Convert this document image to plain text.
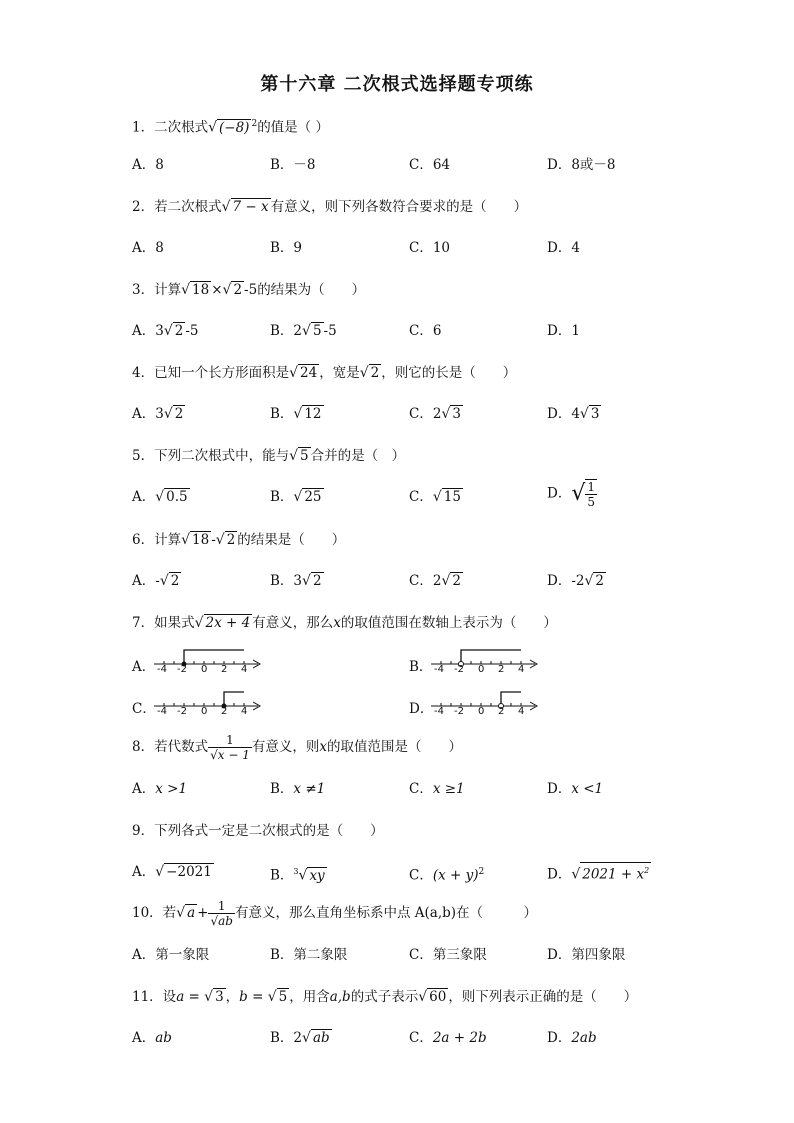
第十六章 二次根式选择题专项练
1．二次根式√ (−8) $^2$的值是（ ）
A．8	B．－8	C．64	D．8或－8
2．若二次根式√ 7 − x 有意义，则下列各数符合要求的是（　　）
A．8	B．9	C．10	D．4
3．计算√ 18 ×√ 2 -5的结果为（　　）
A．3√ 2 -5	B．2√ 5 -5	C．6	D．1
4．已知一个长方形面积是√ 24 ，宽是√ 2 ，则它的长是（　　）
A．3√ 2	B．√ 12	C．2√ 3	D．4√ 3
5．下列二次根式中，能与√ 5 合并的是（　）
A．√ 0.5	B．√ 25	C．√ 15	D．√ $\frac{1}{5}$
6．计算√ 18 -√ 2 的结果是（　　）
A．-√ 2	B．3√ 2	C．2√ 2	D．-2√ 2
7．如果式√ 2x + 4 有意义，那么x的取值范围在数轴上表示为（　　）
A．	B．
C．	D．
-4 -2 0 2 4	-4 -2 0 2 4
-4 -2 0 2 4	-4 -2 0 2 4
8．若代数式 $\frac{1}{√x - 1}$ 有意义，则x的取值范围是（　　）
A．x >1	B．x ≠1	C．x ≥1	D．x <1
9．下列各式一定是二次根式的是（　　）
A．√ −2021	B．$^3$√ xy	C．$(x + y)^2$	D．√ $2021 + x^2$
10．若√ $a + \frac{1}{√ab}$ 有意义，那么直角坐标系中点 A(a,b)在（　　　）
A．第一象限	B．第二象限	C．第三象限	D．第四象限
11．设a = √ 3 ，b = √ 5 ，用含a,b的式子表示√ 60 ，则下列表示正确的是（　　）
A．ab	B．2√ ab	C．2a + 2b	D．2ab
